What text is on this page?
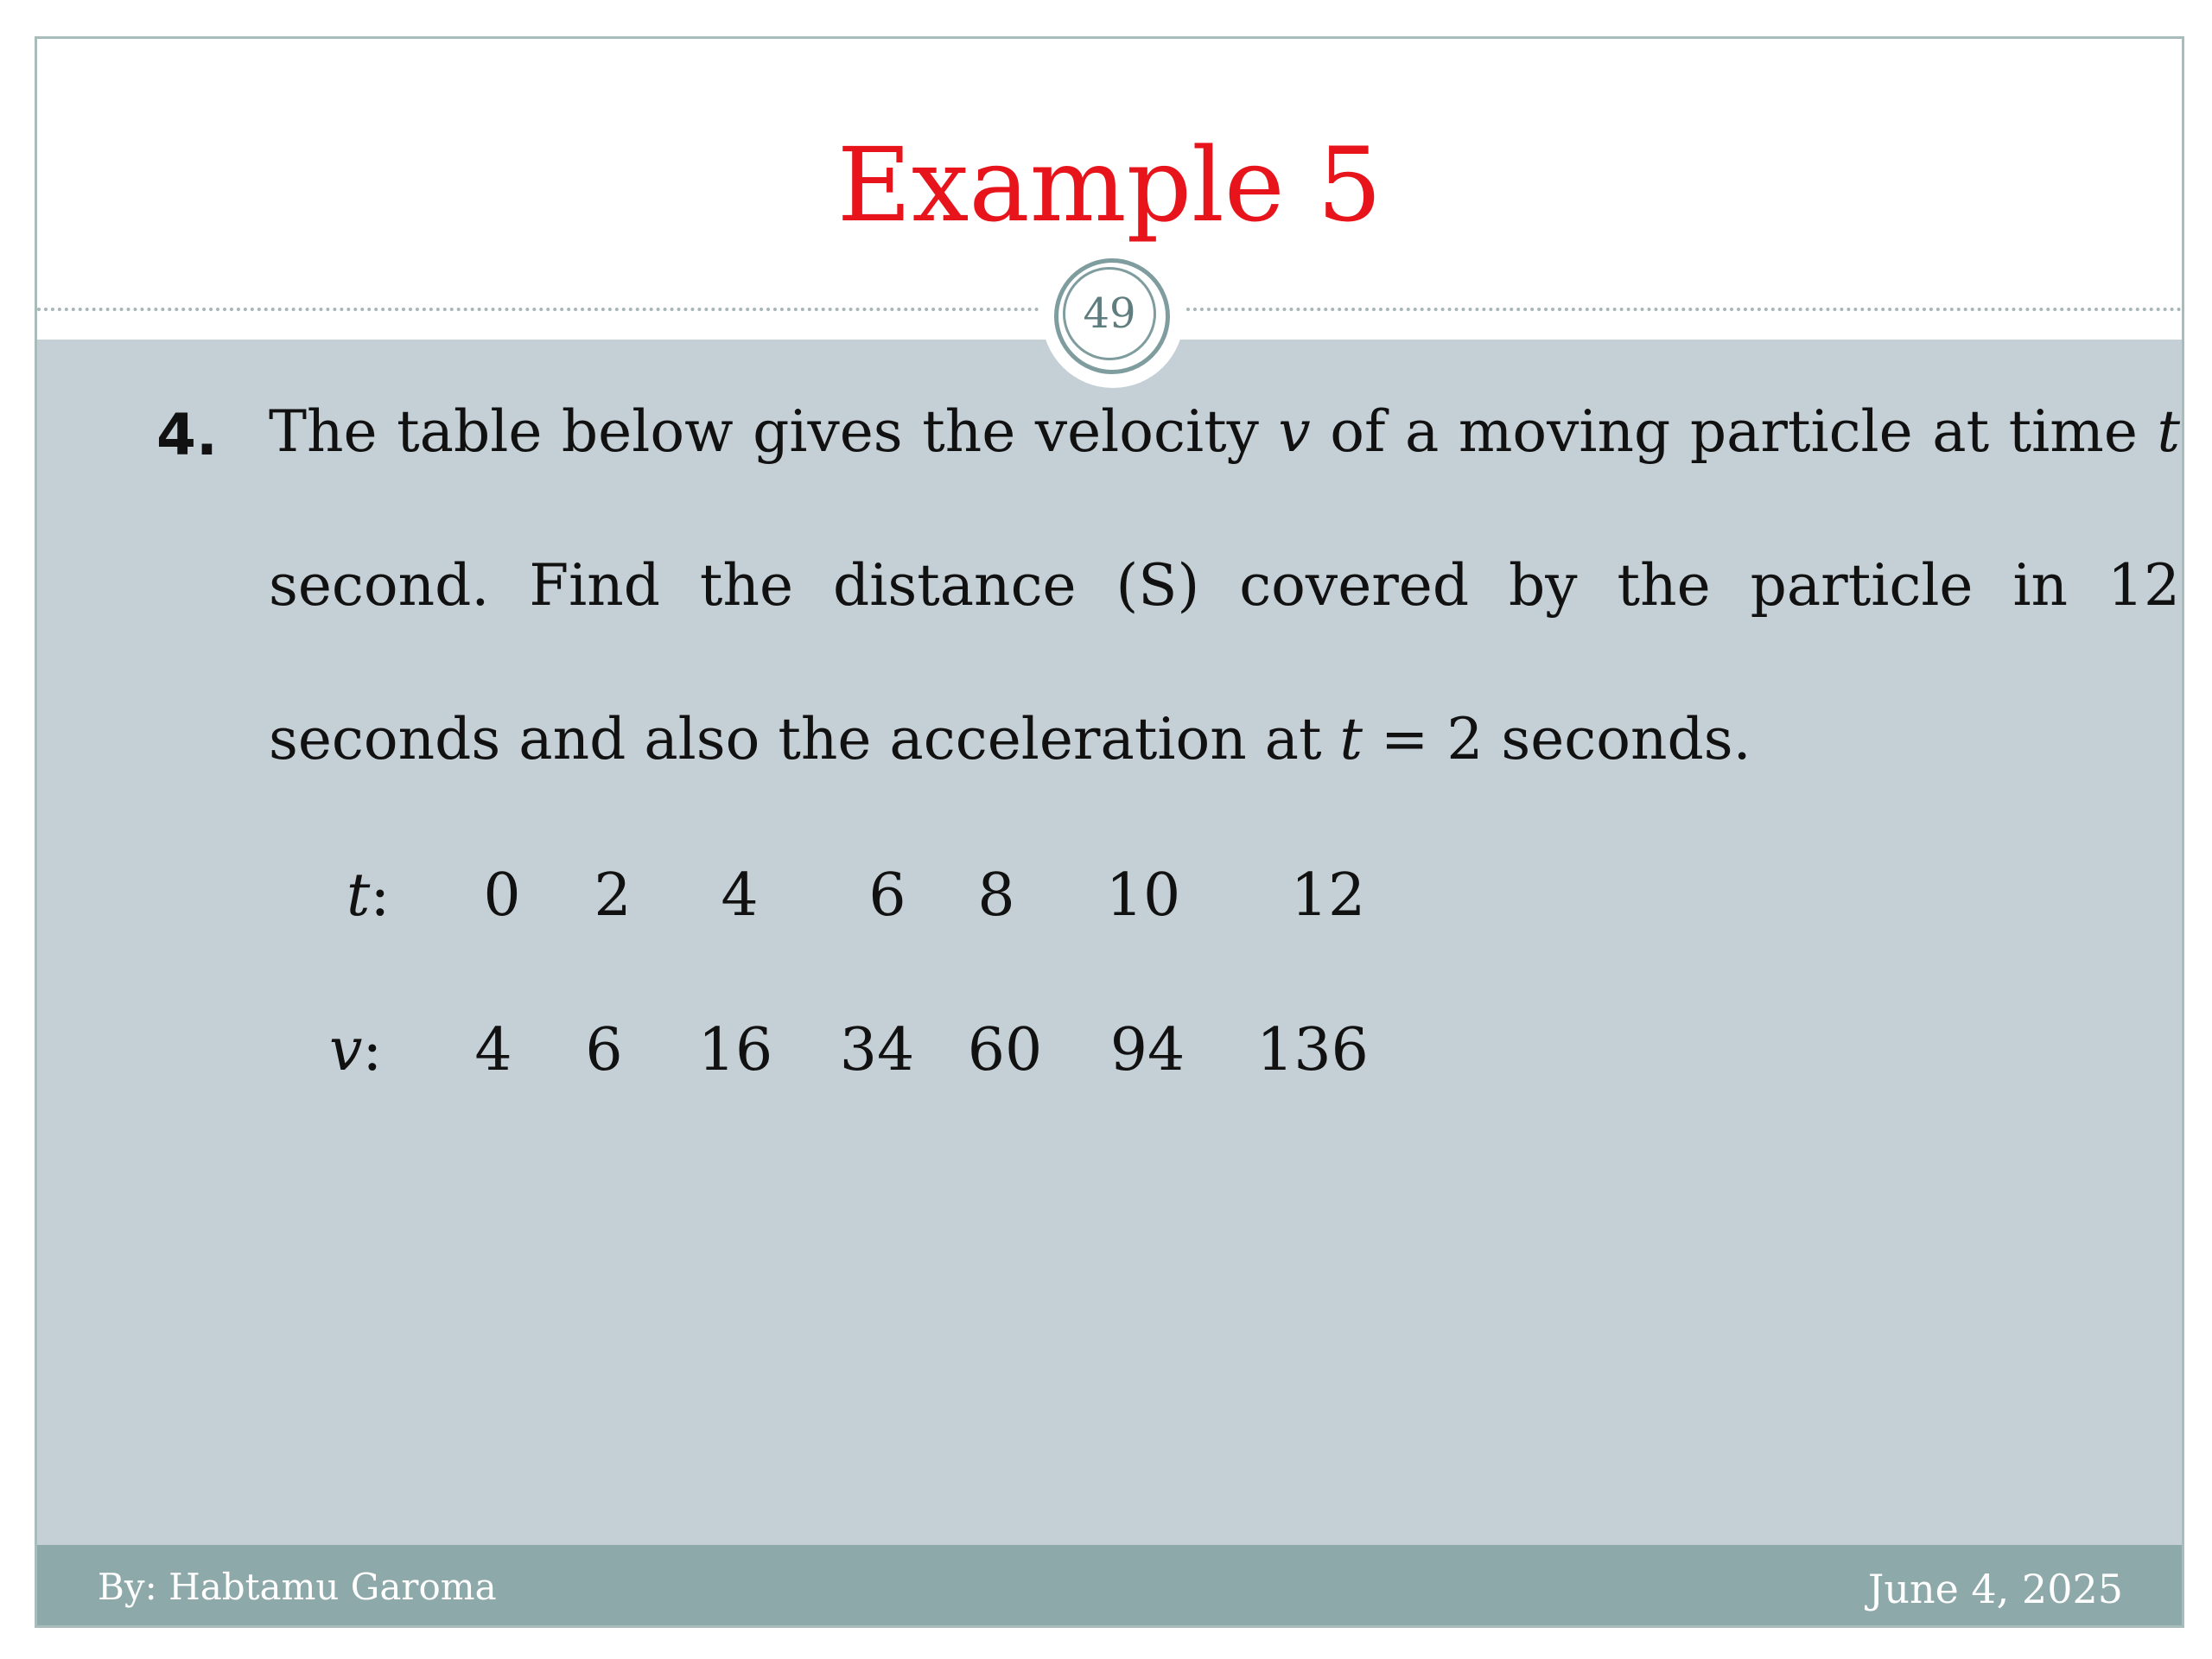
Example 5
49
4. The table below gives the velocity v of a moving particle at time t
second. Find the distance (S) covered by the particle in 12
seconds and also the acceleration at t = 2 seconds.
t: 0 2 4 6 8 10 12
v: 4 6 16 34 60 94 136
By: Habtamu Garoma	June 4, 2025
